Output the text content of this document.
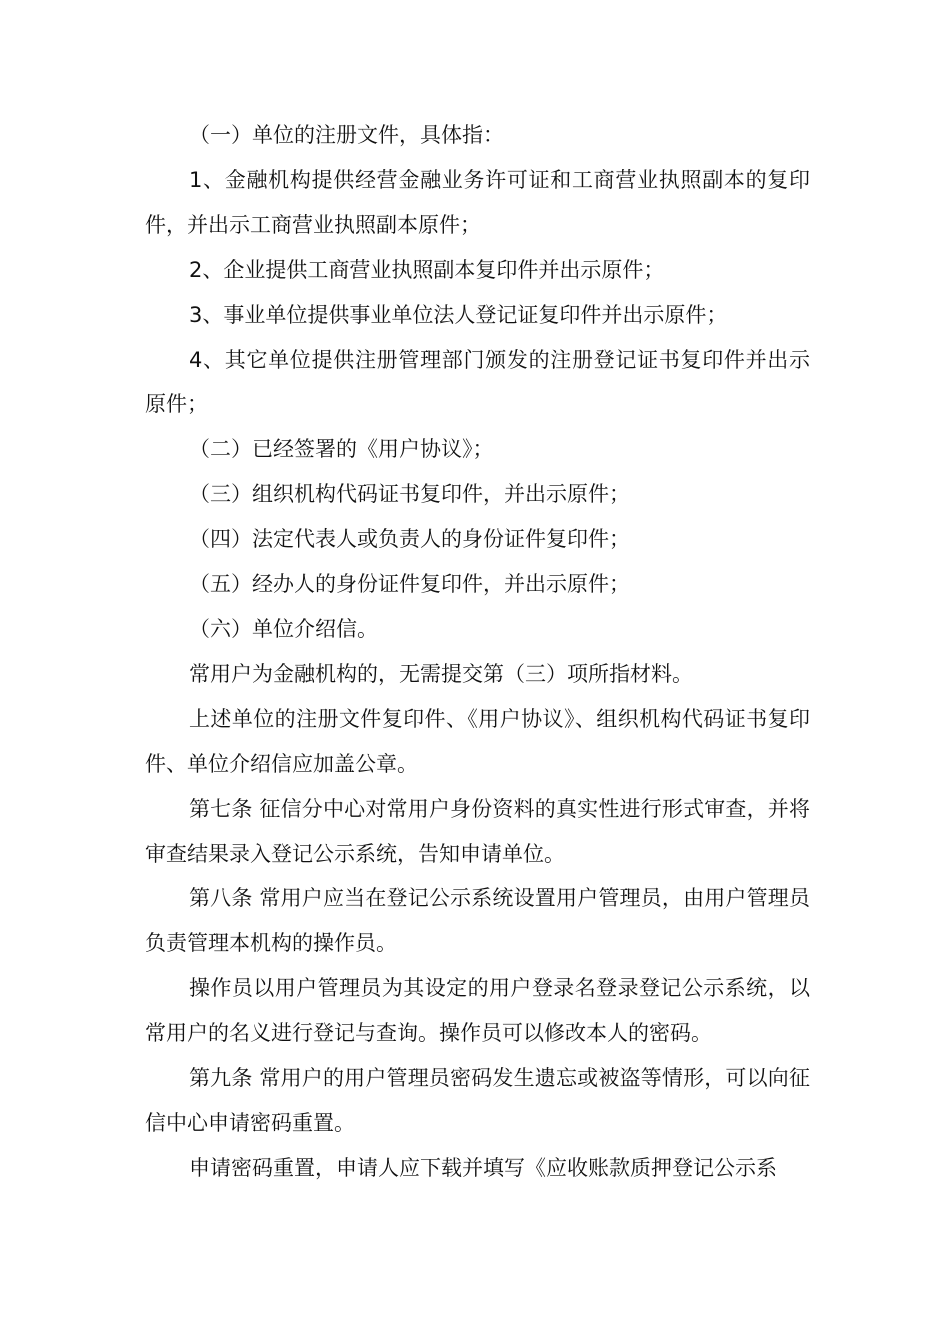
（一）单位的注册文件，具体指：

1、金融机构提供经营金融业务许可证和工商营业执照副本的复印件，并出示工商营业执照副本原件；

2、企业提供工商营业执照副本复印件并出示原件；

3、事业单位提供事业单位法人登记证复印件并出示原件；

4、其它单位提供注册管理部门颁发的注册登记证书复印件并出示原件；

（二）已经签署的《用户协议》；

（三）组织机构代码证书复印件，并出示原件；

（四）法定代表人或负责人的身份证件复印件；

（五）经办人的身份证件复印件，并出示原件；

（六）单位介绍信。

常用户为金融机构的，无需提交第（三）项所指材料。

上述单位的注册文件复印件、《用户协议》、组织机构代码证书复印件、单位介绍信应加盖公章。

第七条 征信分中心对常用户身份资料的真实性进行形式审查，并将审查结果录入登记公示系统，告知申请单位。

第八条 常用户应当在登记公示系统设置用户管理员，由用户管理员负责管理本机构的操作员。

操作员以用户管理员为其设定的用户登录名登录登记公示系统，以常用户的名义进行登记与查询。操作员可以修改本人的密码。

第九条 常用户的用户管理员密码发生遗忘或被盗等情形，可以向征信中心申请密码重置。

申请密码重置，申请人应下载并填写《应收账款质押登记公示系
